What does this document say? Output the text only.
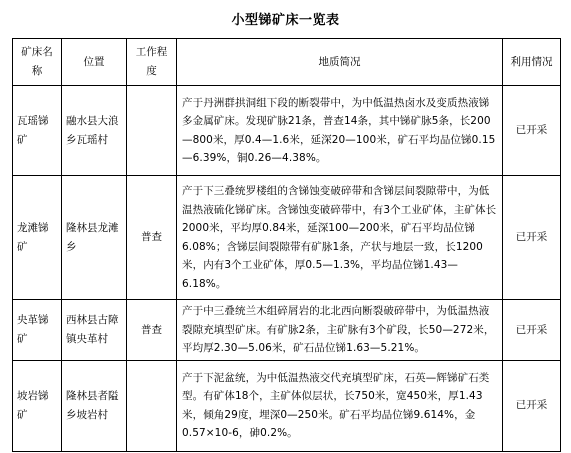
小型锑矿床一览表
矿床名称	位置	工作程度	地质简况	利用情况
瓦瑶锑矿	融水县大浪乡瓦瑶村		产于丹洲群拱洞组下段的断裂带中，为中低温热卤水及变质热液锑多金属矿床。发现矿脉21条，普查14条，其中锑矿脉5条，长200—800米，厚0.4—1.6米，延深20—100米，矿石平均品位锑0.15—6.39%，铜0.26—4.38%。	已开采
龙滩锑矿	隆林县龙滩乡	普查	产于下三叠统罗楼组的含锑蚀变破碎带和含锑层间裂隙带中，为低温热液硫化锑矿床。含锑蚀变破碎带中，有3个工业矿体，主矿体长2000米，平均厚0.84米，延深100—200米，矿石平均品位锑6.08%；含锑层间裂隙带有矿脉1条，产状与地层一致，长1200米，内有3个工业矿体，厚0.5—1.3%，平均品位锑1.43—6.18%。	已开采
央革锑矿	西林县古障镇央革村	普查	产于中三叠统兰木组碎屑岩的北北西向断裂破碎带中，为低温热液裂隙充填型矿床。有矿脉2条，主矿脉有3个矿段，长50—272米，平均厚2.30—5.06米，矿石品位锑1.63—5.21%。	已开采
坡岩锑矿	隆林县者隘乡坡岩村		产于下泥盆统，为中低温热液交代充填型矿床，石英—辉锑矿石类型。有矿体18个，主矿体似层状，长750米，宽450米，厚1.43米，倾角29度，埋深0—250米。矿石平均品位锑9.614%，金0.57×10-6，砷0.2%。	已开采
